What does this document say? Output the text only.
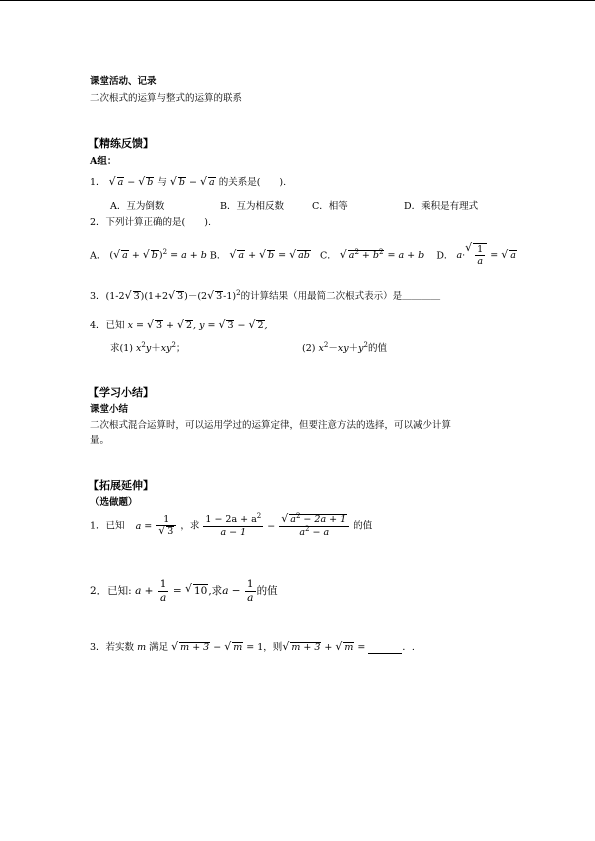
课堂活动、记录
二次根式的运算与整式的运算的联系
【精练反馈】
A组：
1． √ a − √ b 与 √ b − √ a 的关系是(　　).
A．互为倒数	B．互为相反数	C．相等	D．乘积是有理式
2．下列计算正确的是(　　).
A． ( √ a + √ b)$^2$ = a + b B． √ a + √ b = √ ab C． √ $a^2 + b^2 = a + b$ D． a· √ $\frac{1}{a}$ = √ a
3．(1-2 √ 3)(1+2 √ 3)－(2 √ 3-1)$^2$的计算结果（用最简二次根式表示）是＿＿＿＿
4．已知 x = √ 3 + √ 2, y = √ 3 − √ 2,
求(1) $x^2y+xy^2$；	(2) $x^2-xy+y^2$的值
【学习小结】
课堂小结
二次根式混合运算时，可以运用学过的运算定律，但要注意方法的选择，可以减少计算
量。
【拓展延伸】
（选做题）
1．已知 a = 1
√ 3 ，求 $\frac{1 - 2a + a^2}{a - 1}$ − √ $\frac{a^2 - 2a + 1}{a^2 - a}$ 的值
2．已知: $a + \frac{1}{a}$ = √ 10,求$a - \frac{1}{a}$ 的值
3．若实数 m 满足 √ m + 3 − √ m = 1，则 √ m + 3 + √ m =	．.
